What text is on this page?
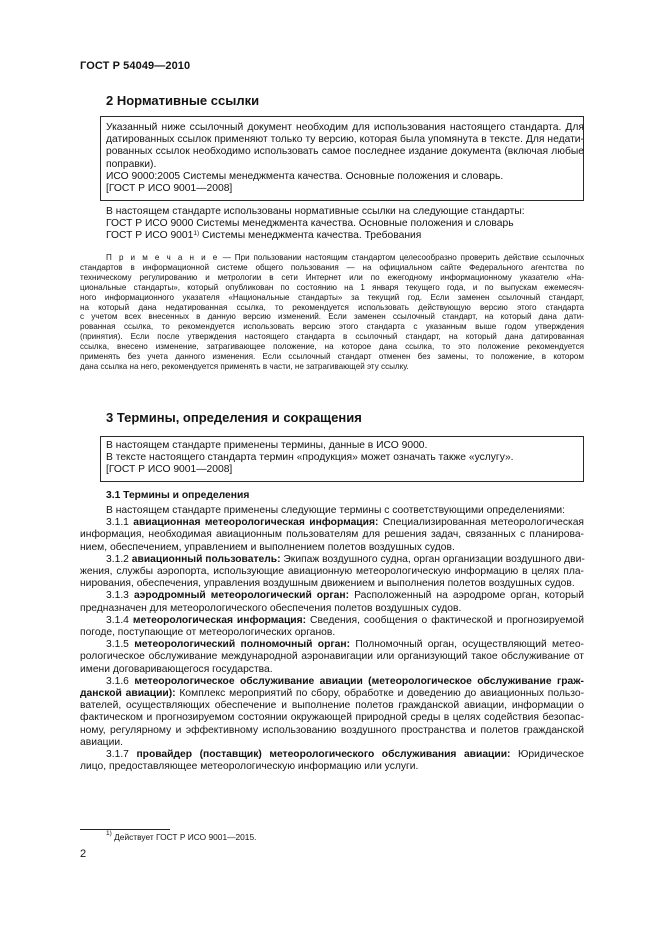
ГОСТ Р 54049—2010
2 Нормативные ссылки
Указанный ниже ссылочный документ необходим для использования настоящего стандарта. Для
датированных ссылок применяют только ту версию, которая была упомянута в тексте. Для недати-
рованных ссылок необходимо использовать самое последнее издание документа (включая любые
поправки).
ИСО 9000:2005 Системы менеджмента качества. Основные положения и словарь.
[ГОСТ Р ИСО 9001—2008]
В настоящем стандарте использованы нормативные ссылки на следующие стандарты:
ГОСТ Р ИСО 9000 Системы менеджмента качества. Основные положения и словарь
ГОСТ Р ИСО 9001$^{1)}$ Системы менеджмента качества. Требования
П р и м е ч а н и е — При пользовании настоящим стандартом целесообразно проверить действие ссылочных
стандартов в информационной системе общего пользования — на официальном сайте Федерального агентства по
техническому регулированию и метрологии в сети Интернет или по ежегодному информационному указателю «На-
циональные стандарты», который опубликован по состоянию на 1 января текущего года, и по выпускам ежемесяч-
ного информационного указателя «Национальные стандарты» за текущий год. Если заменен ссылочный стандарт,
на который дана недатированная ссылка, то рекомендуется использовать действующую версию этого стандарта
с учетом всех внесенных в данную версию изменений. Если заменен ссылочный стандарт, на который дана дати-
рованная ссылка, то рекомендуется использовать версию этого стандарта с указанным выше годом утверждения
(принятия). Если после утверждения настоящего стандарта в ссылочный стандарт, на который дана датированная
ссылка, внесено изменение, затрагивающее положение, на которое дана ссылка, то это положение рекомендуется
применять без учета данного изменения. Если ссылочный стандарт отменен без замены, то положение, в котором
дана ссылка на него, рекомендуется применять в части, не затрагивающей эту ссылку.
3 Термины, определения и сокращения
В настоящем стандарте применены термины, данные в ИСО 9000.
В тексте настоящего стандарта термин «продукция» может означать также «услугу».
[ГОСТ Р ИСО 9001—2008]
3.1 Термины и определения
В настоящем стандарте применены следующие термины с соответствующими определениями:
3.1.1 авиационная метеорологическая информация: Специализированная метеорологическая
информация, необходимая авиационным пользователям для решения задач, связанных с планирова-
нием, обеспечением, управлением и выполнением полетов воздушных судов.
3.1.2 авиационный пользователь: Экипаж воздушного судна, орган организации воздушного дви-
жения, службы аэропорта, использующие авиационную метеорологическую информацию в целях пла-
нирования, обеспечения, управления воздушным движением и выполнения полетов воздушных судов.
3.1.3 аэродромный метеорологический орган: Расположенный на аэродроме орган, который
предназначен для метеорологического обеспечения полетов воздушных судов.
3.1.4 метеорологическая информация: Сведения, сообщения о фактической и прогнозируемой
погоде, поступающие от метеорологических органов.
3.1.5 метеорологический полномочный орган: Полномочный орган, осуществляющий метео-
рологическое обслуживание международной аэронавигации или организующий такое обслуживание от
имени договаривающегося государства.
3.1.6 метеорологическое обслуживание авиации (метеорологическое обслуживание граж-
данской авиации): Комплекс мероприятий по сбору, обработке и доведению до авиационных пользо-
вателей, осуществляющих обеспечение и выполнение полетов гражданской авиации, информации о
фактическом и прогнозируемом состоянии окружающей природной среды в целях содействия безопас-
ному, регулярному и эффективному использованию воздушного пространства и полетов гражданской
авиации.
3.1.7 провайдер (поставщик) метеорологического обслуживания авиации: Юридическое
лицо, предоставляющее метеорологическую информацию или услуги.
$^{1)}$ Действует ГОСТ Р ИСО 9001—2015.
2
